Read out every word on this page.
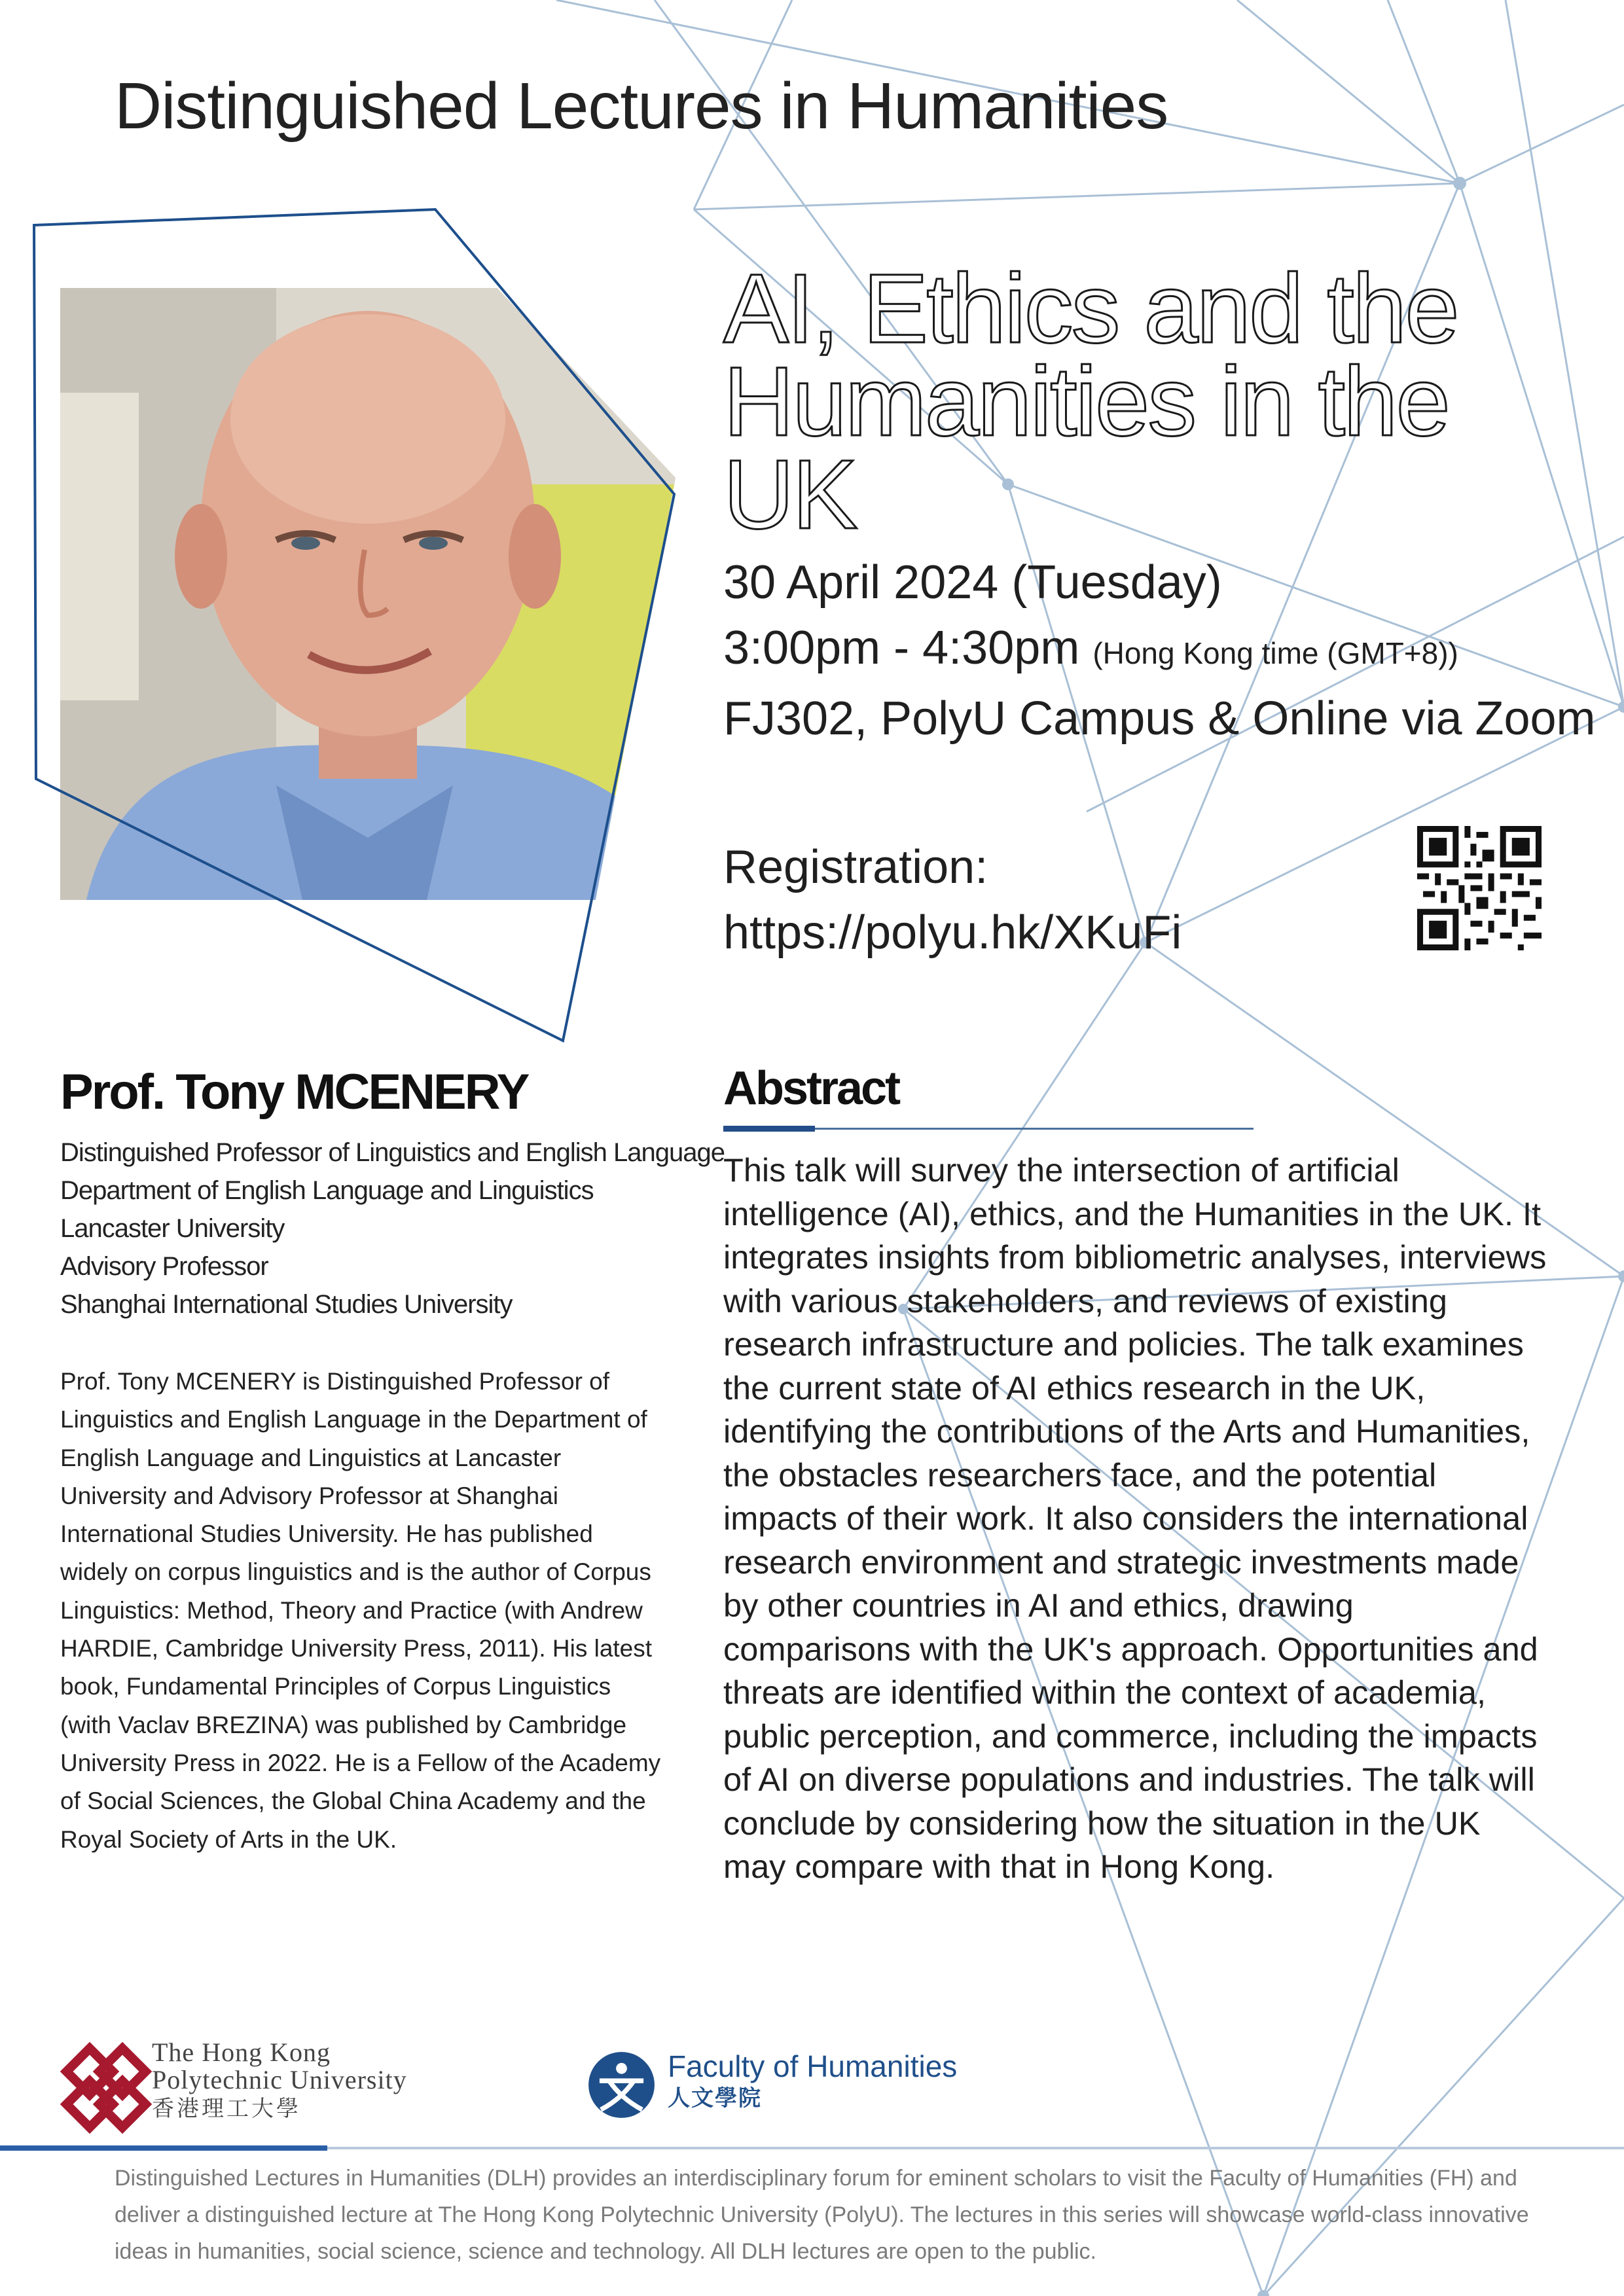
Distinguished Lectures in Humanities
AI, Ethics and the Humanities in the UK
30 April 2024 (Tuesday)
3:00pm - 4:30pm (Hong Kong time (GMT+8))
FJ302, PolyU Campus & Online via Zoom
Registration:
https://polyu.hk/XKuFi
Prof. Tony MCENERY
Distinguished Professor of Linguistics and English Language
Department of English Language and Linguistics
Lancaster University
Advisory Professor
Shanghai International Studies University
Prof. Tony MCENERY is Distinguished Professor of Linguistics and English Language in the Department of English Language and Linguistics at Lancaster University and Advisory Professor at Shanghai International Studies University. He has published widely on corpus linguistics and is the author of Corpus Linguistics: Method, Theory and Practice (with Andrew HARDIE, Cambridge University Press, 2011). His latest book, Fundamental Principles of Corpus Linguistics (with Vaclav BREZINA) was published by Cambridge University Press in 2022. He is a Fellow of the Academy of Social Sciences, the Global China Academy and the Royal Society of Arts in the UK.
Abstract
This talk will survey the intersection of artificial intelligence (AI), ethics, and the Humanities in the UK. It integrates insights from bibliometric analyses, interviews with various stakeholders, and reviews of existing research infrastructure and policies. The talk examines the current state of AI ethics research in the UK, identifying the contributions of the Arts and Humanities, the obstacles researchers face, and the potential impacts of their work. It also considers the international research environment and strategic investments made by other countries in AI and ethics, drawing comparisons with the UK's approach. Opportunities and threats are identified within the context of academia, public perception, and commerce, including the impacts of AI on diverse populations and industries. The talk will conclude by considering how the situation in the UK may compare with that in Hong Kong.
The Hong Kong
Polytechnic University
香港理工大學
Faculty of Humanities
人文學院
Distinguished Lectures in Humanities (DLH) provides an interdisciplinary forum for eminent scholars to visit the Faculty of Humanities (FH) and deliver a distinguished lecture at The Hong Kong Polytechnic University (PolyU). The lectures in this series will showcase world-class innovative ideas in humanities, social science, science and technology. All DLH lectures are open to the public.
